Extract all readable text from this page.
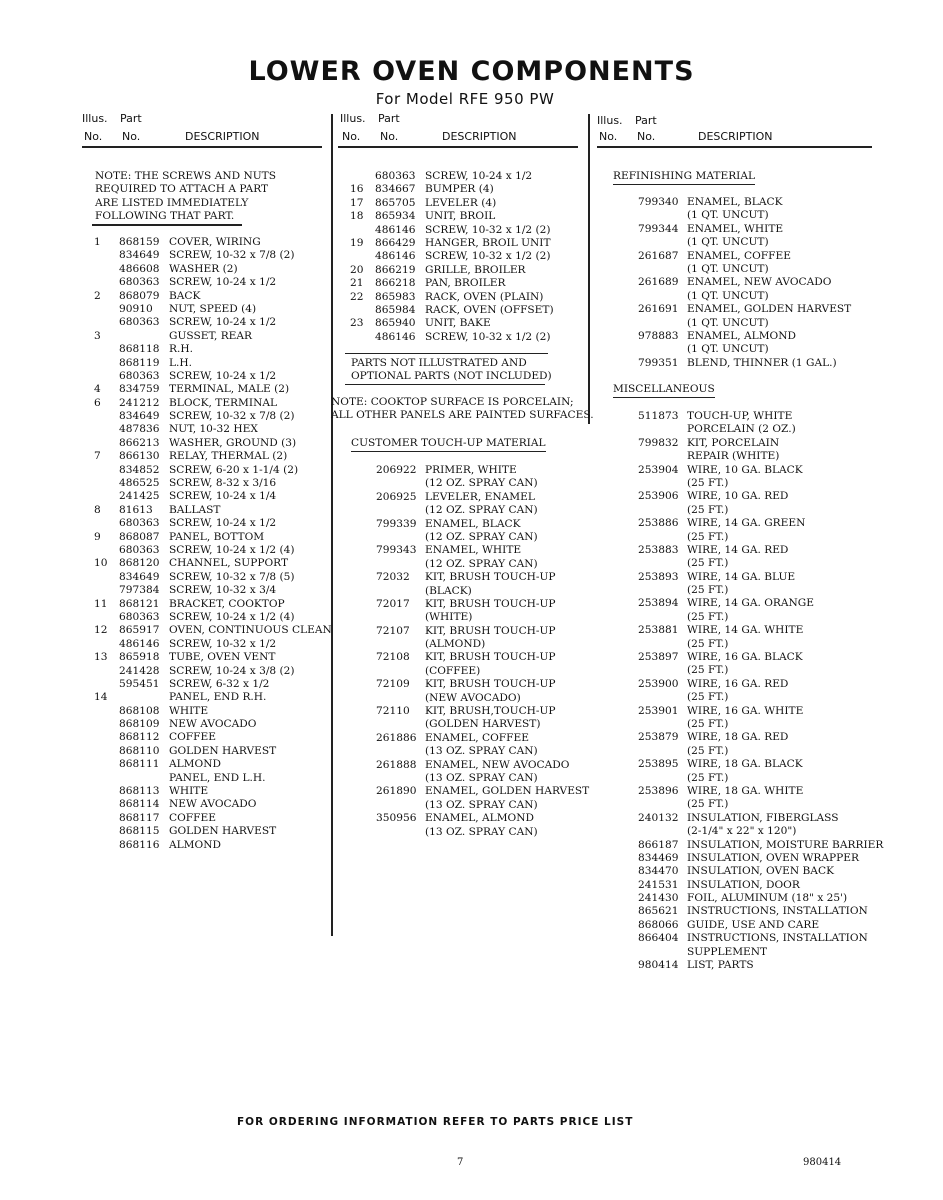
LOWER OVEN COMPONENTS
For Model RFE 950 PW
Illus. Part
No. No.	DESCRIPTION
Illus. Part
No. No.	DESCRIPTION
Illus. Part
No. No.	DESCRIPTION
NOTE: THE SCREWS AND NUTS
REQUIRED TO ATTACH A PART
ARE LISTED IMMEDIATELY
FOLLOWING THAT PART.
1 868159 COVER, WIRING
834649 SCREW, 10-32 x 7/8 (2)
486608 WASHER (2)
680363 SCREW, 10-24 x 1/2
2 868079 BACK
90910 NUT, SPEED (4)
680363 SCREW, 10-24 x 1/2
3	GUSSET, REAR
868118 R.H.
868119 L.H.
680363 SCREW, 10-24 x 1/2
4 834759 TERMINAL, MALE (2)
6 241212 BLOCK, TERMINAL
834649 SCREW, 10-32 x 7/8 (2)
487836 NUT, 10-32 HEX
866213 WASHER, GROUND (3)
7 866130 RELAY, THERMAL (2)
834852 SCREW, 6-20 x 1-1/4 (2)
486525 SCREW, 8-32 x 3/16
241425 SCREW, 10-24 x 1/4
8 81613 BALLAST
680363 SCREW, 10-24 x 1/2
9 868087 PANEL, BOTTOM
680363 SCREW, 10-24 x 1/2 (4)
10 868120 CHANNEL, SUPPORT
834649 SCREW, 10-32 x 7/8 (5)
797384 SCREW, 10-32 x 3/4
11 868121 BRACKET, COOKTOP
680363 SCREW, 10-24 x 1/2 (4)
12 865917 OVEN, CONTINUOUS CLEAN
486146 SCREW, 10-32 x 1/2
13 865918 TUBE, OVEN VENT
241428 SCREW, 10-24 x 3/8 (2)
595451 SCREW, 6-32 x 1/2
14	PANEL, END R.H.
868108 WHITE
868109 NEW AVOCADO
868112 COFFEE
868110 GOLDEN HARVEST
868111 ALMOND
PANEL, END L.H.
868113 WHITE
868114 NEW AVOCADO
868117 COFFEE
868115 GOLDEN HARVEST
868116 ALMOND
680363 SCREW, 10-24 x 1/2
16 834667 BUMPER (4)
17 865705 LEVELER (4)
18 865934 UNIT, BROIL
486146 SCREW, 10-32 x 1/2 (2)
19 866429 HANGER, BROIL UNIT
486146 SCREW, 10-32 x 1/2 (2)
20 866219 GRILLE, BROILER
21 866218 PAN, BROILER
22 865983 RACK, OVEN (PLAIN)
865984 RACK, OVEN (OFFSET)
23 865940 UNIT, BAKE
486146 SCREW, 10-32 x 1/2 (2)
PARTS NOT ILLUSTRATED AND
OPTIONAL PARTS (NOT INCLUDED)
NOTE: COOKTOP SURFACE IS PORCELAIN;
ALL OTHER PANELS ARE PAINTED SURFACES.
CUSTOMER TOUCH-UP MATERIAL
206922 PRIMER, WHITE
(12 OZ. SPRAY CAN)
206925 LEVELER, ENAMEL
(12 OZ. SPRAY CAN)
799339 ENAMEL, BLACK
(12 OZ. SPRAY CAN)
799343 ENAMEL, WHITE
(12 OZ. SPRAY CAN)
72032 KIT, BRUSH TOUCH-UP
(BLACK)
72017 KIT, BRUSH TOUCH-UP
(WHITE)
72107 KIT, BRUSH TOUCH-UP
(ALMOND)
72108 KIT, BRUSH TOUCH-UP
(COFFEE)
72109 KIT, BRUSH TOUCH-UP
(NEW AVOCADO)
72110 KIT, BRUSH,TOUCH-UP
(GOLDEN HARVEST)
261886 ENAMEL, COFFEE
(13 OZ. SPRAY CAN)
261888 ENAMEL, NEW AVOCADO
(13 OZ. SPRAY CAN)
261890 ENAMEL, GOLDEN HARVEST
(13 OZ. SPRAY CAN)
350956 ENAMEL, ALMOND
(13 OZ. SPRAY CAN)
REFINISHING MATERIAL
799340 ENAMEL, BLACK
(1 QT. UNCUT)
799344 ENAMEL, WHITE
(1 QT. UNCUT)
261687 ENAMEL, COFFEE
(1 QT. UNCUT)
261689 ENAMEL, NEW AVOCADO
(1 QT. UNCUT)
261691 ENAMEL, GOLDEN HARVEST
(1 QT. UNCUT)
978883 ENAMEL, ALMOND
(1 QT. UNCUT)
799351 BLEND, THINNER (1 GAL.)
MISCELLANEOUS
511873 TOUCH-UP, WHITE
PORCELAIN (2 OZ.)
799832 KIT, PORCELAIN
REPAIR (WHITE)
253904 WIRE, 10 GA. BLACK
(25 FT.)
253906 WIRE, 10 GA. RED
(25 FT.)
253886 WIRE, 14 GA. GREEN
(25 FT.)
253883 WIRE, 14 GA. RED
(25 FT.)
253893 WIRE, 14 GA. BLUE
(25 FT.)
253894 WIRE, 14 GA. ORANGE
(25 FT.)
253881 WIRE, 14 GA. WHITE
(25 FT.)
253897 WIRE, 16 GA. BLACK
(25 FT.)
253900 WIRE, 16 GA. RED
(25 FT.)
253901 WIRE, 16 GA. WHITE
(25 FT.)
253879 WIRE, 18 GA. RED
(25 FT.)
253895 WIRE, 18 GA. BLACK
(25 FT.)
253896 WIRE, 18 GA. WHITE
(25 FT.)
240132 INSULATION, FIBERGLASS
(2-1/4" x 22" x 120")
866187 INSULATION, MOISTURE BARRIER
834469 INSULATION, OVEN WRAPPER
834470 INSULATION, OVEN BACK
241531 INSULATION, DOOR
241430 FOIL, ALUMINUM (18" x 25')
865621 INSTRUCTIONS, INSTALLATION
868066 GUIDE, USE AND CARE
866404 INSTRUCTIONS, INSTALLATION
SUPPLEMENT
980414 LIST, PARTS
FOR ORDERING INFORMATION REFER TO PARTS PRICE LIST
7	980414
